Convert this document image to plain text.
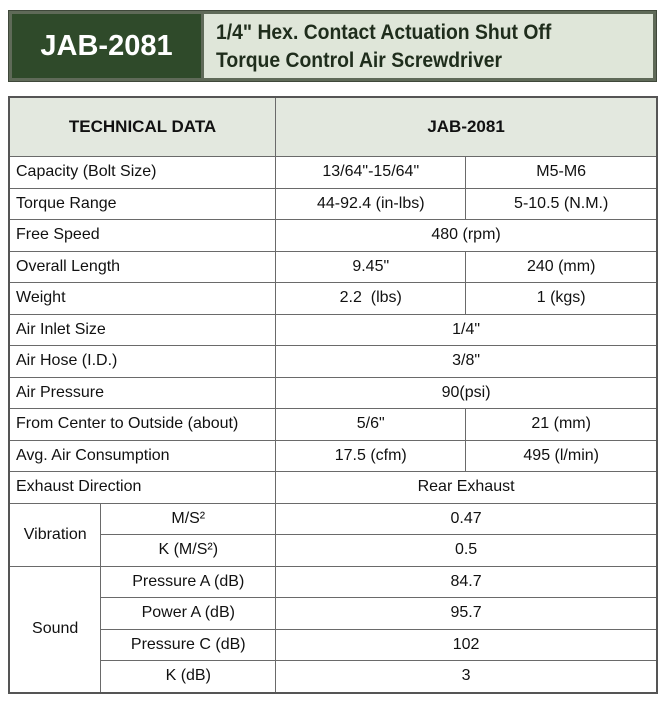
JAB-2081	1/4" Hex. Contact Actuation Shut Off
Torque Control Air Screwdriver
TECHNICAL DATA		JAB-2081	
Capacity (Bolt Size)		13/64"-15/64"	M5-M6
Torque Range		44-92.4 (in-lbs)	5-10.5 (N.M.)
Free Speed		480 (rpm)	
Overall Length		9.45"	240 (mm)
Weight		2.2  (lbs)	1 (kgs)
Air Inlet Size		1/4"	
Air Hose (I.D.)		3/8"	
Air Pressure		90(psi)	
From Center to Outside (about)		5/6"	21 (mm)
Avg. Air Consumption		17.5 (cfm)	495 (l/min)
Exhaust Direction		Rear Exhaust	
Vibration	M/S²	0.47	
	K (M/S²)	0.5	
Sound	Pressure A (dB)	84.7	
	Power A (dB)	95.7	
	Pressure C (dB)	102	
	K (dB)	3	
